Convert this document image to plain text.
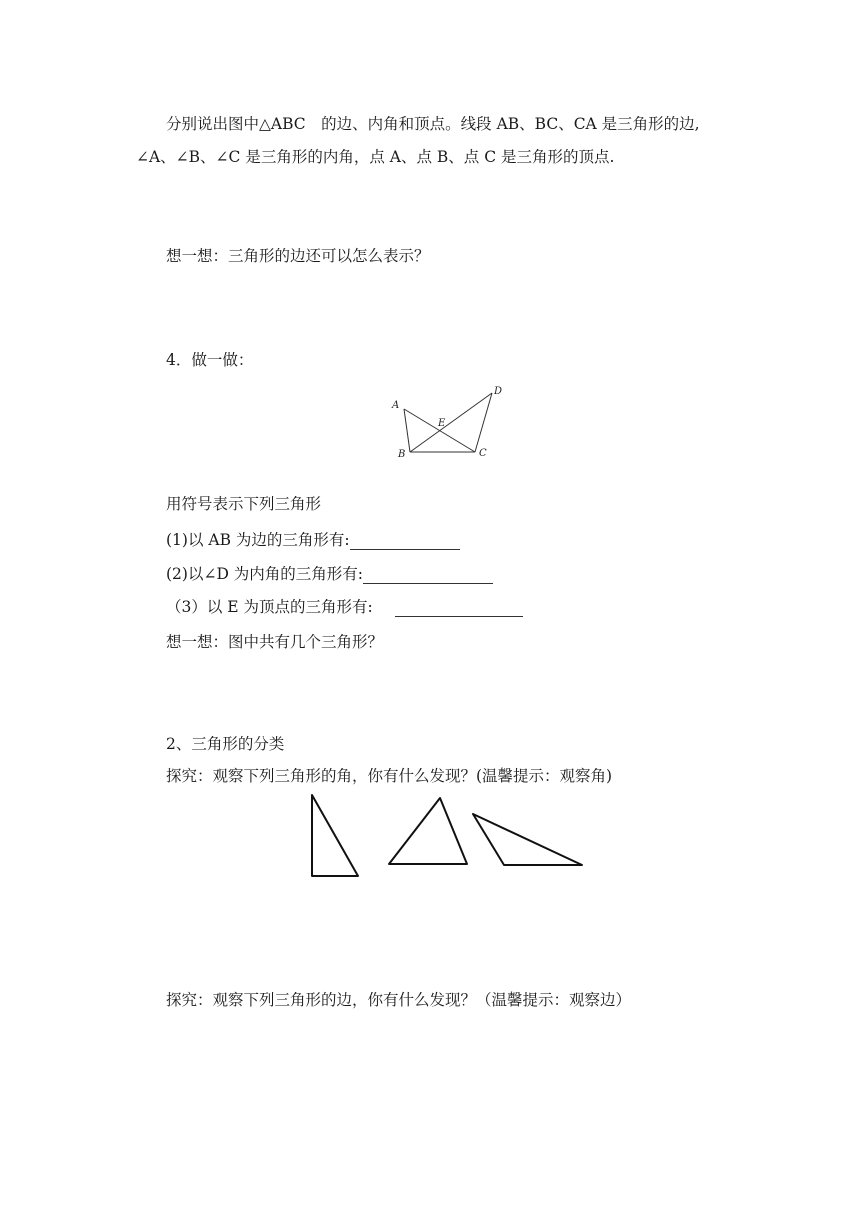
分别说出图中△ABC　的边、内角和顶点。线段 AB、BC、CA 是三角形的边,
∠A、∠B、∠C 是三角形的内角，点 A、点 B、点 C 是三角形的顶点.
想一想：三角形的边还可以怎么表示？
4．做一做：
A
B	C
D
E
用符号表示下列三角形
(1)以 AB 为边的三角形有:
(2)以∠D 为内角的三角形有:
（3）以 E 为顶点的三角形有:
想一想：图中共有几个三角形？
2、三角形的分类
探究：观察下列三角形的角，你有什么发现？(温馨提示：观察角)
探究：观察下列三角形的边，你有什么发现？（温馨提示：观察边）
